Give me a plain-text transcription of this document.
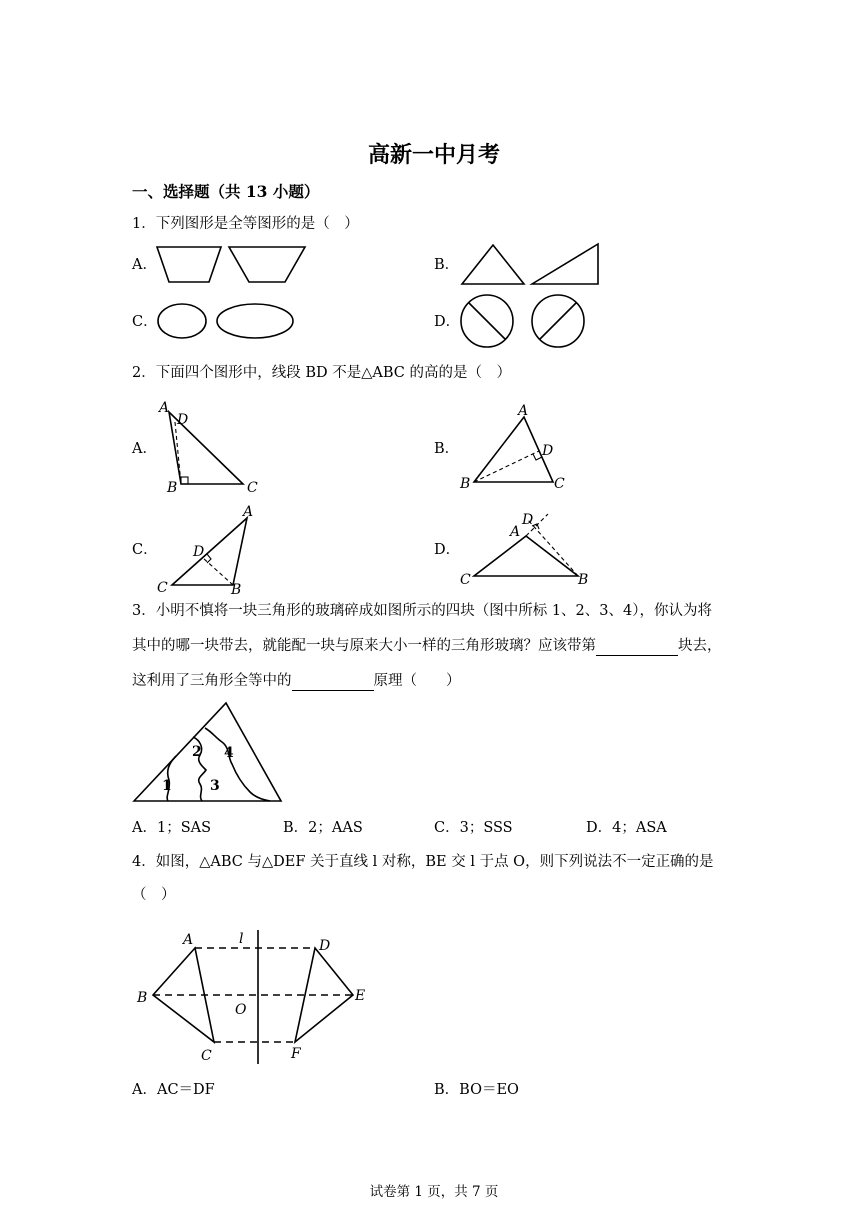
高新一中月考
一、选择题（共 13 小题）
1．下列图形是全等图形的是（　）
A．	B．
C．	D．
2．下面四个图形中，线段 BD 不是△ABC 的高的是（　）
A．
A
D
B	C
B．
A
D
B	C
C．
A
D
C	B
D．
A
D
C	B
3．小明不慎将一块三角形的玻璃碎成如图所示的四块（图中所标 1、2、3、4），你认为将
其中的哪一块带去，就能配一块与原来大小一样的三角形玻璃？应该带第	块去，
这利用了三角形全等中的	原理（　　）
1
2
3
4
A．1；SAS	B．2；AAS	C．3；SSS	D．4；ASA
4．如图，△ABC 与△DEF 关于直线 l 对称，BE 交 l 于点 O，则下列说法不一定正确的是
（　）
A	l	D
B
O
E
C	F
A．AC＝DF	B．BO＝EO
试卷第 1 页，共 7 页
